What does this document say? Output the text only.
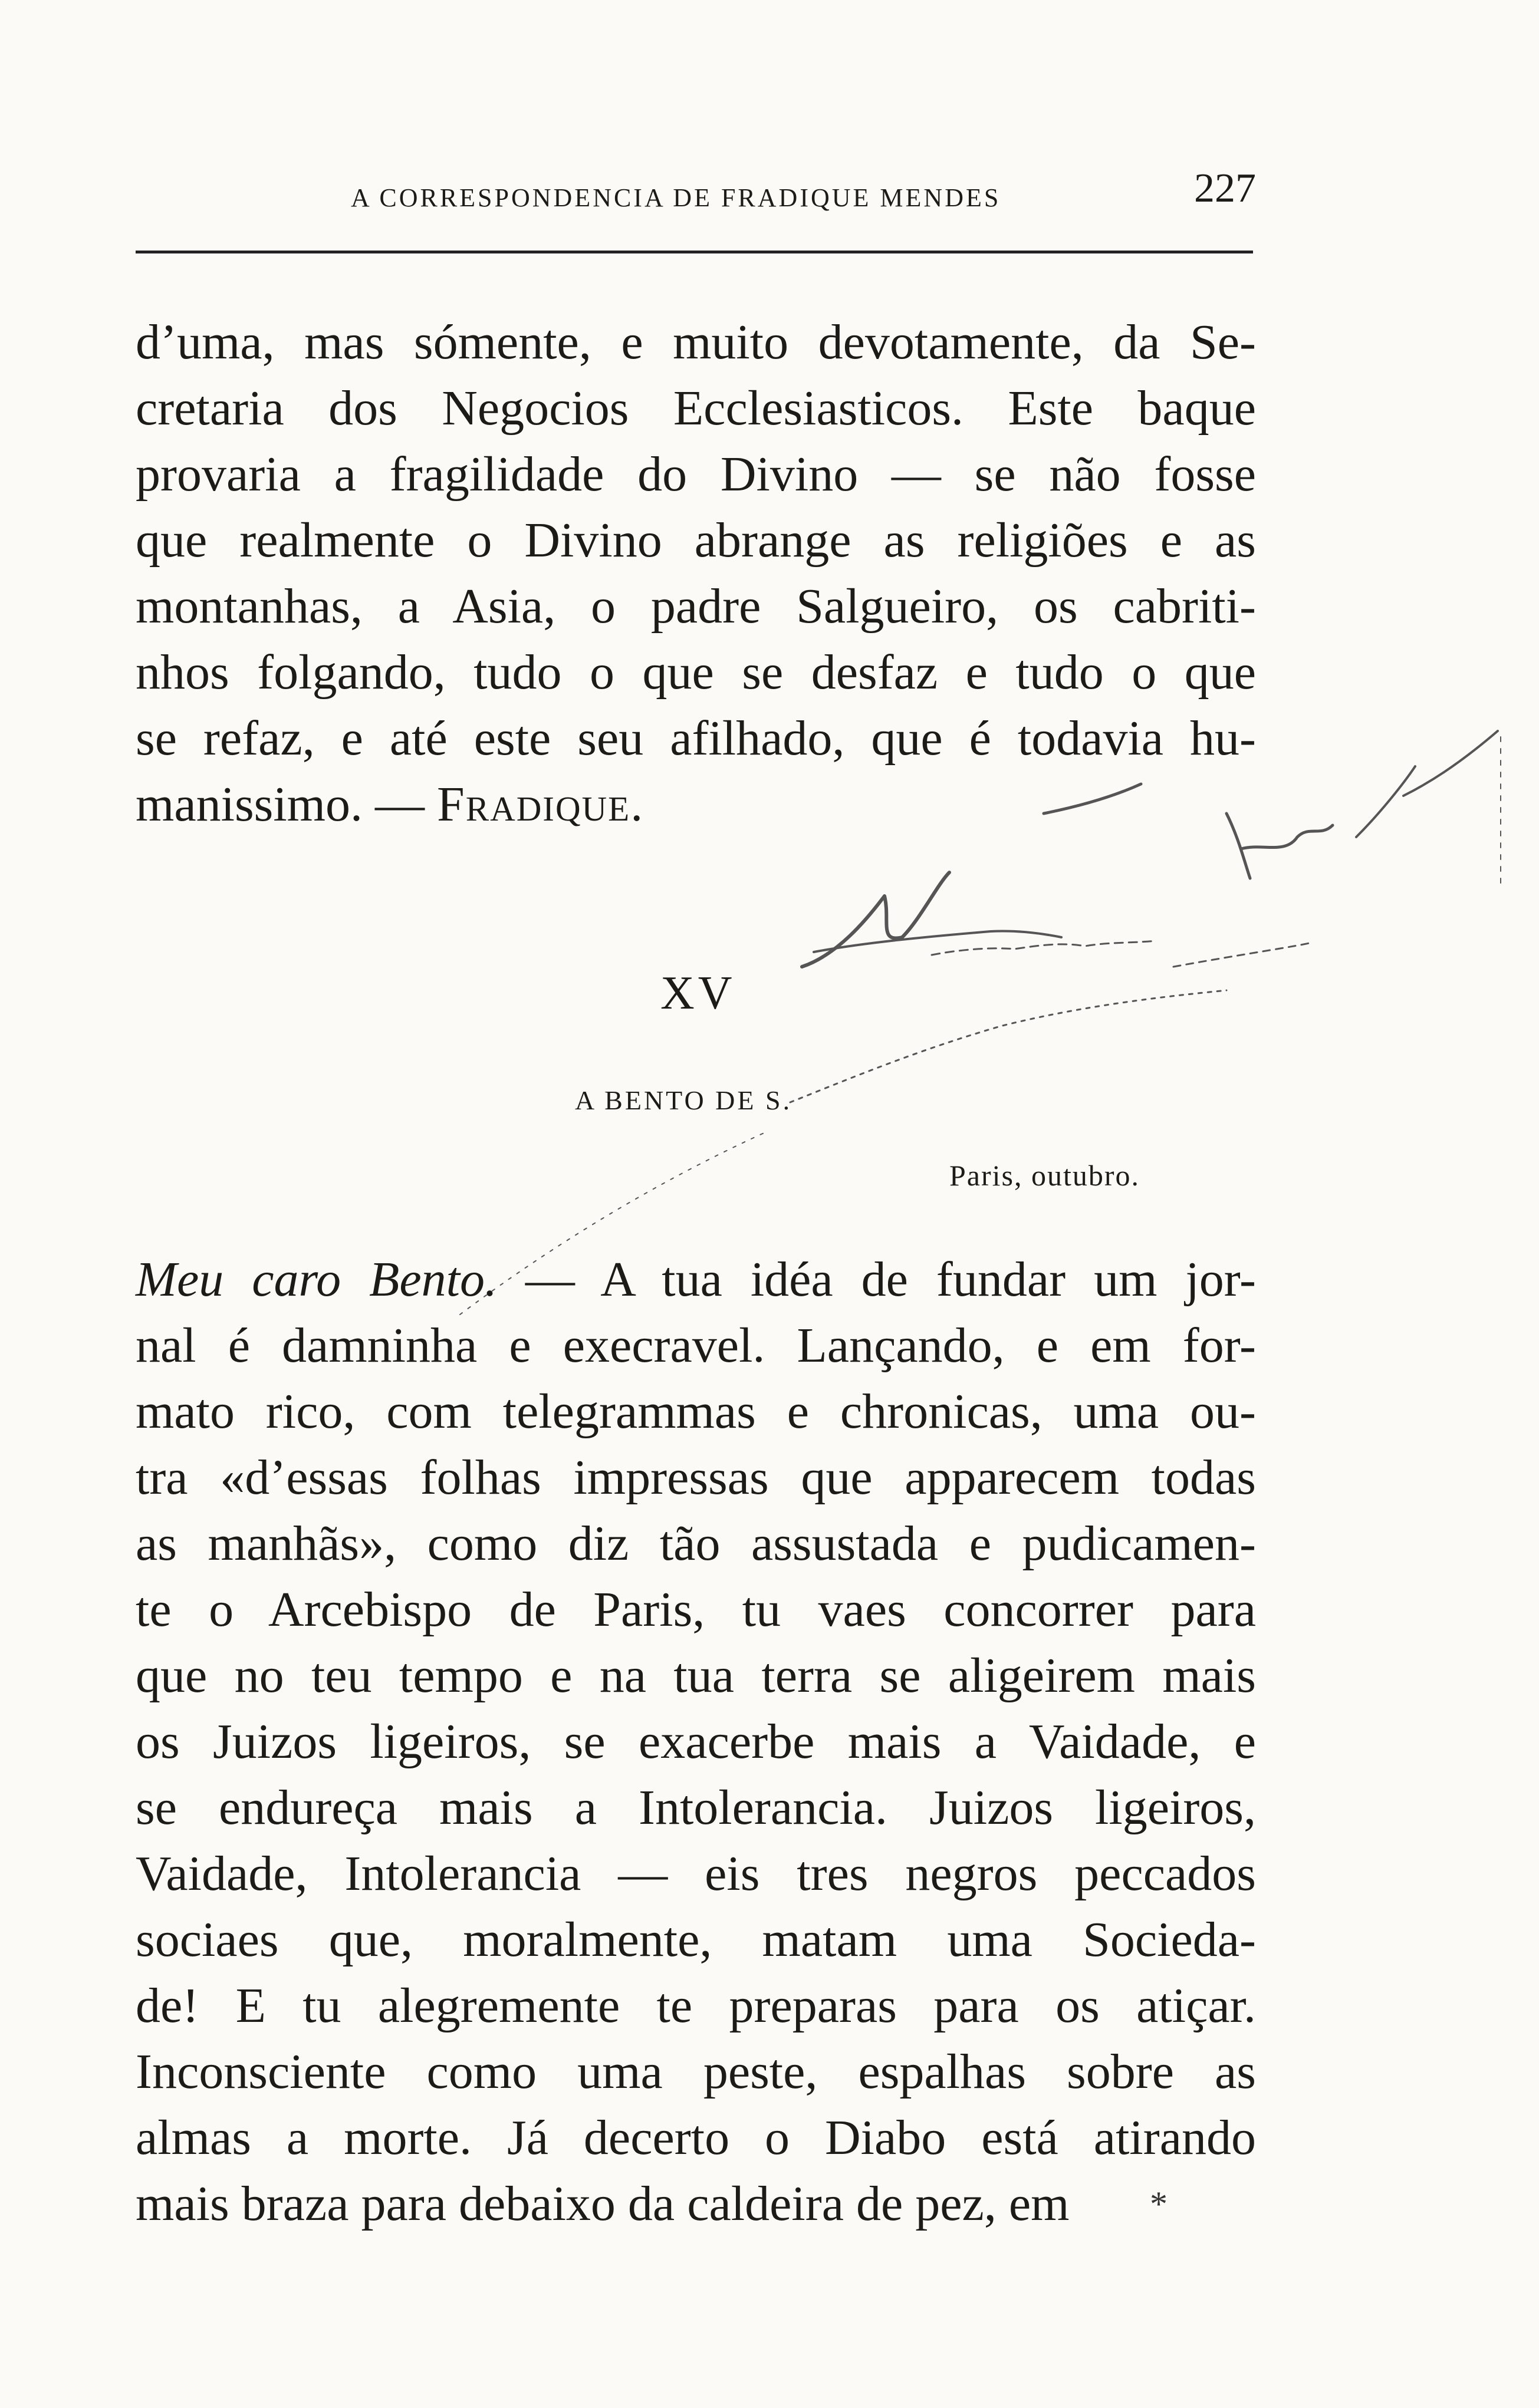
A CORRESPONDENCIA DE FRADIQUE MENDES	227
d’uma, mas sómente, e muito devotamente, da Se-
cretaria dos Negocios Ecclesiasticos. Este baque
provaria a fragilidade do Divino — se não fosse
que realmente o Divino abrange as religiões e as
montanhas, a Asia, o padre Salgueiro, os cabriti-
nhos folgando, tudo o que se desfaz e tudo o que
se refaz, e até este seu afilhado, que é todavia hu-
manissimo. — Fradique.
XV
A BENTO DE S.
Paris, outubro.
Meu caro Bento. — A tua idéa de fundar um jor-
nal é damninha e execravel. Lançando, e em for-
mato rico, com telegrammas e chronicas, uma ou-
tra «d’essas folhas impressas que apparecem todas
as manhãs», como diz tão assustada e pudicamen-
te o Arcebispo de Paris, tu vaes concorrer para
que no teu tempo e na tua terra se aligeirem mais
os Juizos ligeiros, se exacerbe mais a Vaidade, e
se endureça mais a Intolerancia. Juizos ligeiros,
Vaidade, Intolerancia — eis tres negros peccados
sociaes que, moralmente, matam uma Socieda-
de! E tu alegremente te preparas para os atiçar.
Inconsciente como uma peste, espalhas sobre as
almas a morte. Já decerto o Diabo está atirando
mais braza para debaixo da caldeira de pez, em	*
